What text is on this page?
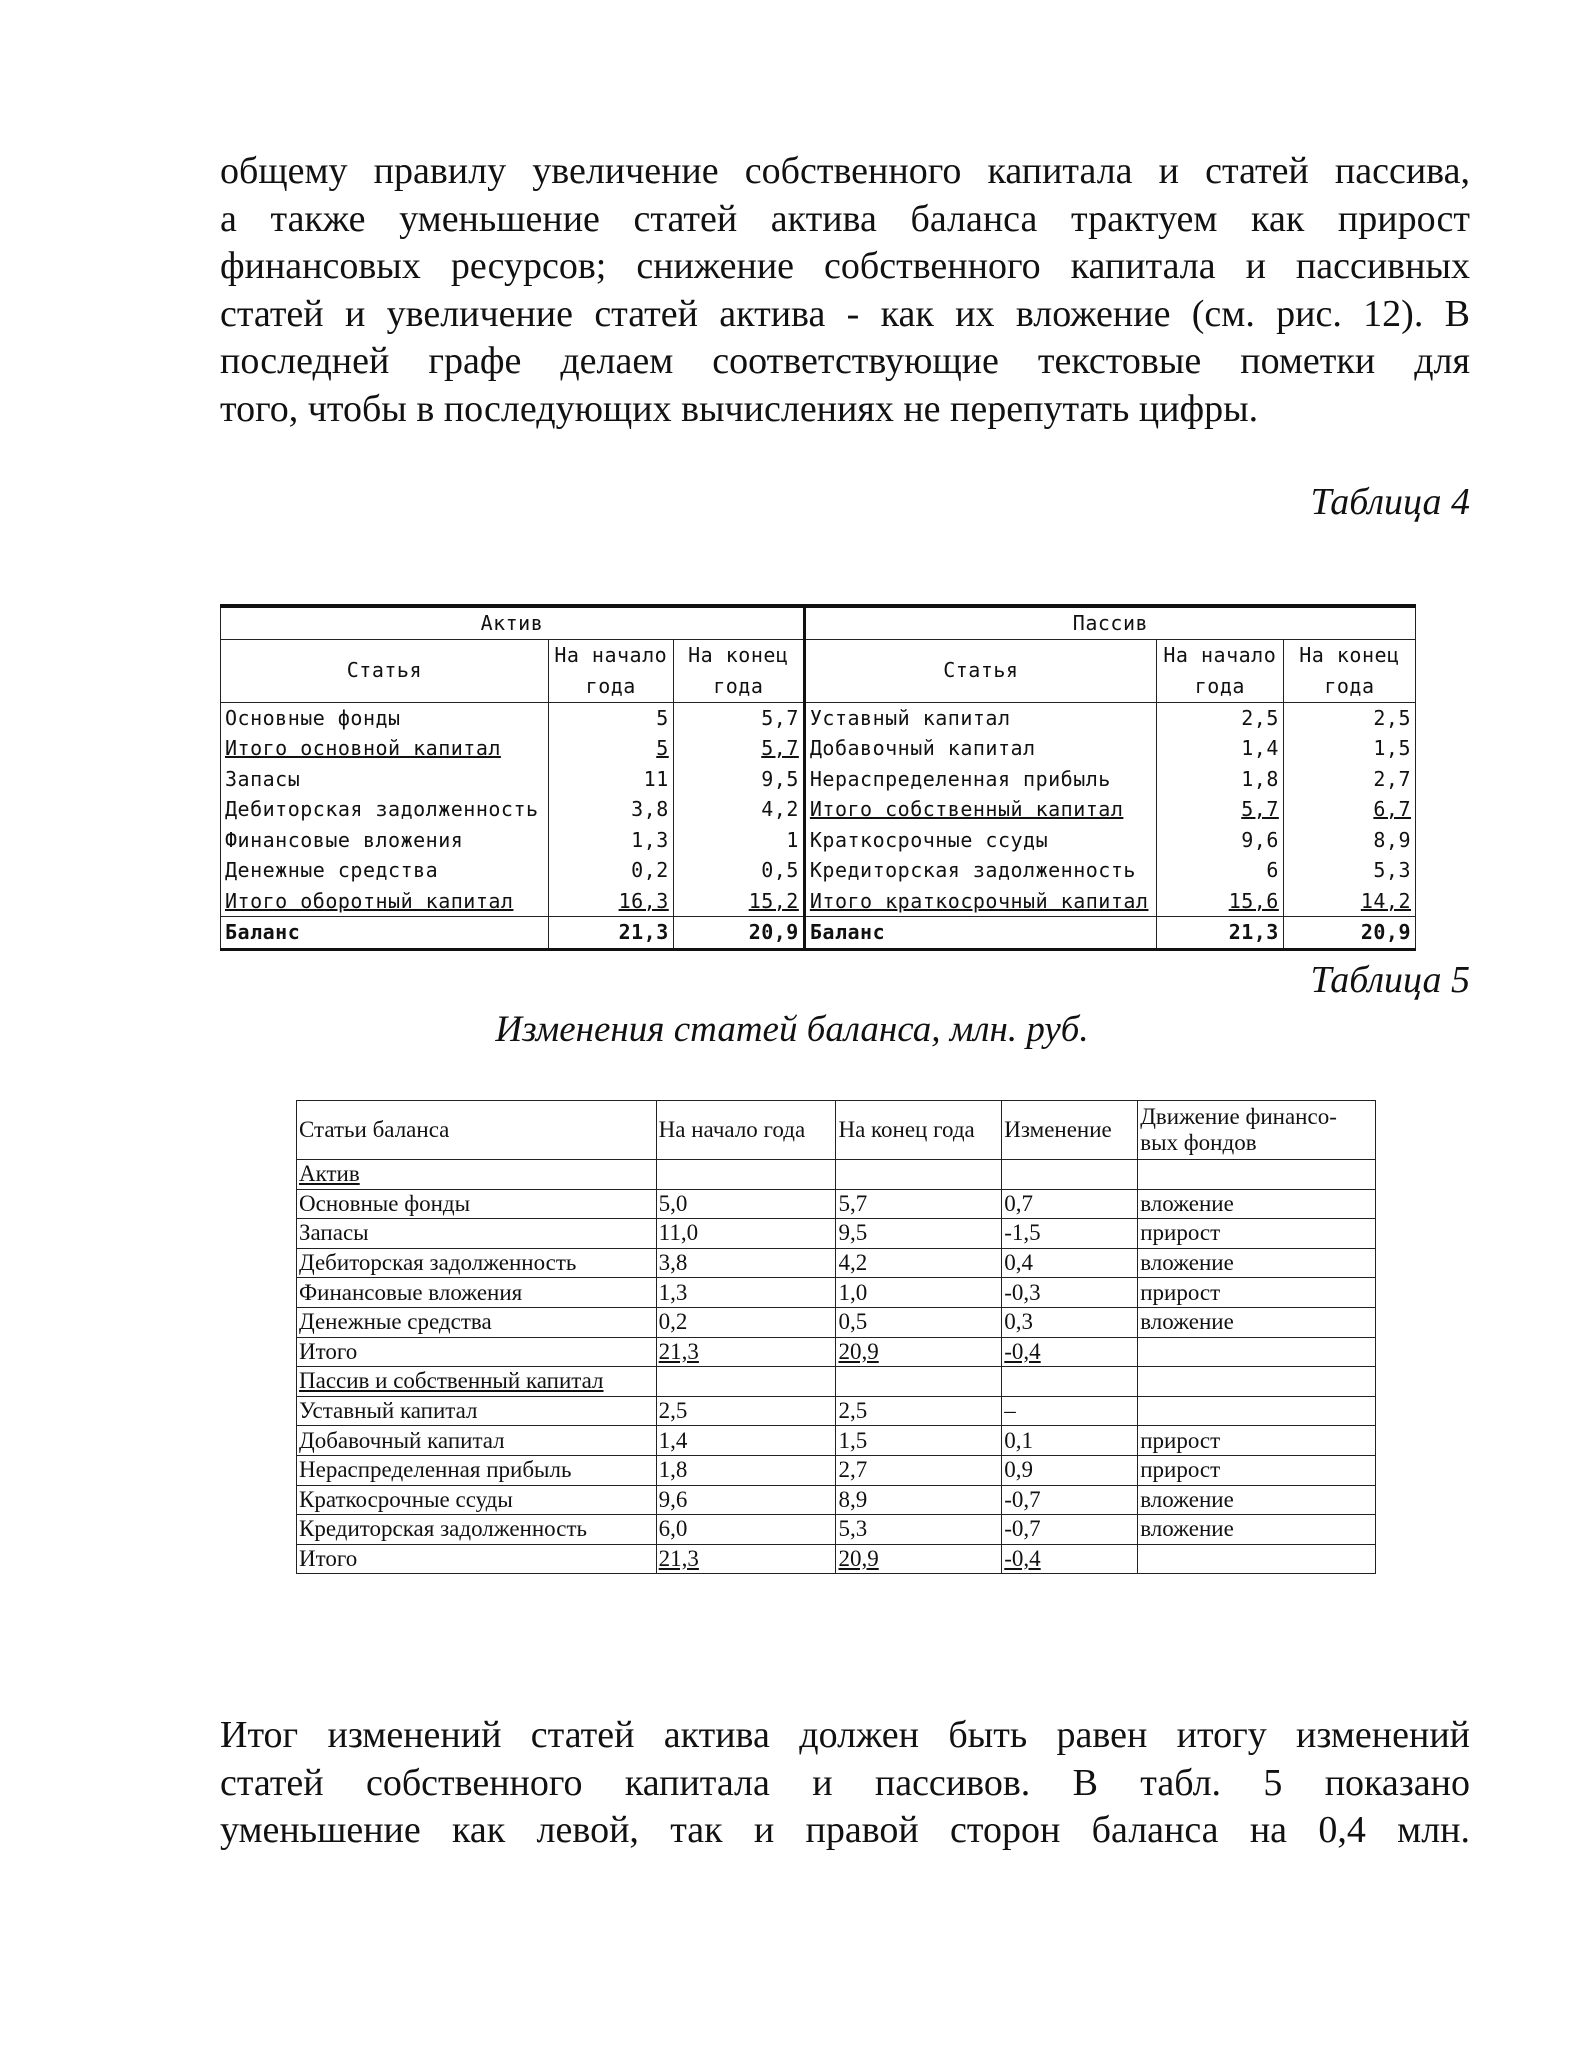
общему правилу увеличение собственного капитала и статей пассива,
а также уменьшение статей актива баланса трактуем как прирост
финансовых ресурсов; снижение собственного капитала и пассивных
статей и увеличение статей актива - как их вложение (см. рис. 12). В
последней графе делаем соответствующие текстовые пометки для
того, чтобы в последующих вычислениях не перепутать цифры.

Таблица 4

Актив			Пассив		
Статья	На начало года	На конец года	Статья	На начало года	На конец года
Основные фонды	5	5,7	Уставный капитал	2,5	2,5
Итого основной капитал	5	5,7	Добавочный капитал	1,4	1,5
Запасы	11	9,5	Нераспределенная прибыль	1,8	2,7
Дебиторская задолженность	3,8	4,2	Итого собственный капитал	5,7	6,7
Финансовые вложения	1,3	1	Краткосрочные ссуды	9,6	8,9
Денежные средства	0,2	0,5	Кредиторская задолженность	6	5,3
Итого оборотный капитал	16,3	15,2	Итого краткосрочный капитал	15,6	14,2
Баланс	21,3	20,9	Баланс	21,3	20,9

Таблица 5

Изменения статей баланса, млн. руб.

Статьи баланса	На начало года	На конец года	Изменение	Движение финансо-вых фондов
Актив				
Основные фонды	5,0	5,7	0,7	вложение
Запасы	11,0	9,5	-1,5	прирост
Дебиторская задолженность	3,8	4,2	0,4	вложение
Финансовые вложения	1,3	1,0	-0,3	прирост
Денежные средства	0,2	0,5	0,3	вложение
Итого	21,3	20,9	-0,4	
Пассив и собственный капитал				
Уставный капитал	2,5	2,5	–	
Добавочный капитал	1,4	1,5	0,1	прирост
Нераспределенная прибыль	1,8	2,7	0,9	прирост
Краткосрочные ссуды	9,6	8,9	-0,7	вложение
Кредиторская задолженность	6,0	5,3	-0,7	вложение
Итого	21,3	20,9	-0,4	
Итог изменений статей актива должен быть равен итогу изменений
статей собственного капитала и пассивов. В табл. 5 показано
уменьшение как левой, так и правой сторон баланса на 0,4 млн.
